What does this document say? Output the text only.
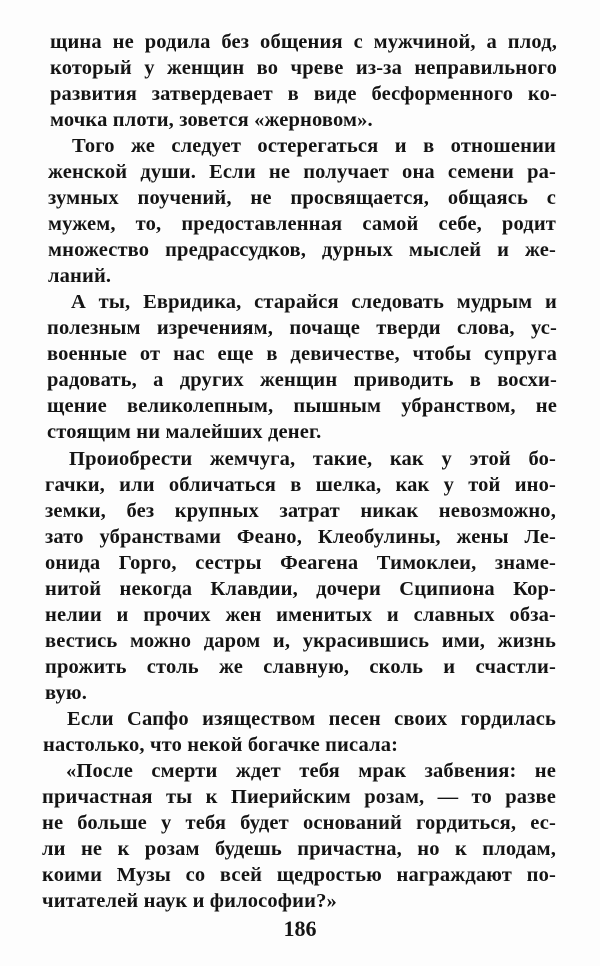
щина не родила без общения с мужчиной, а плод,
который у женщин во чреве из-за неправильного
развития затвердевает в виде бесформенного ко-
мочка плоти, зовется «жерновом».
Того же следует остерегаться и в отношении
женской души. Если не получает она семени ра-
зумных поучений, не просвящается, общаясь с
мужем, то, предоставленная самой себе, родит
множество предрассудков, дурных мыслей и же-
ланий.
А ты, Евридика, старайся следовать мудрым и
полезным изречениям, почаще тверди слова, ус-
военные от нас еще в девичестве, чтобы супруга
радовать, а других женщин приводить в восхи-
щение великолепным, пышным убранством, не
стоящим ни малейших денег.
Проиобрести жемчуга, такие, как у этой бо-
гачки, или обличаться в шелка, как у той ино-
земки, без крупных затрат никак невозможно,
зато убранствами Феано, Клеобулины, жены Ле-
онида Горго, сестры Феагена Тимоклеи, знаме-
нитой некогда Клавдии, дочери Сципиона Кор-
нелии и прочих жен именитых и славных обза-
вестись можно даром и, украсившись ими, жизнь
прожить столь же славную, сколь и счастли-
вую.
Если Сапфо изяществом песен своих гордилась
настолько, что некой богачке писала:
«После смерти ждет тебя мрак забвения: не
причастная ты к Пиерийским розам, — то разве
не больше у тебя будет оснований гордиться, ес-
ли не к розам будешь причастна, но к плодам,
коими Музы со всей щедростью награждают по-
читателей наук и философии?»
186
